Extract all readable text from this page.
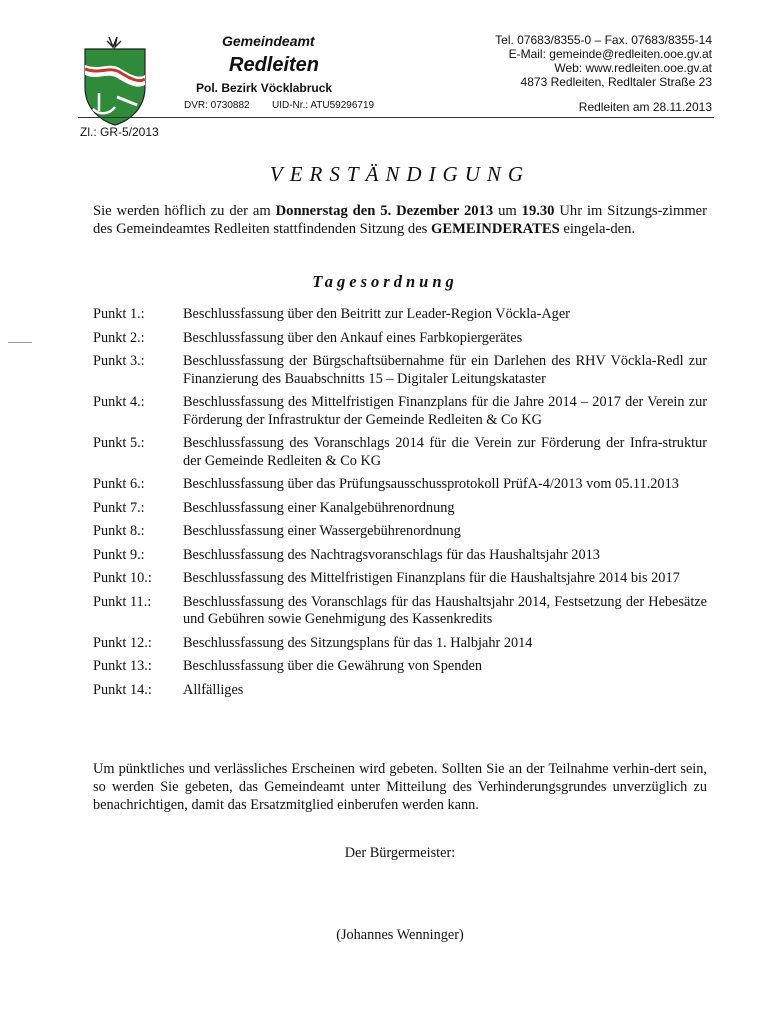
Gemeindeamt
Redleiten
Pol. Bezirk Vöcklabruck
DVR: 0730882 UID-Nr.: ATU59296719
Tel. 07683/8355-0 – Fax. 07683/8355-14
E-Mail: gemeinde@redleiten.ooe.gv.at
Web: www.redleiten.ooe.gv.at
4873 Redleiten, Redltaler Straße 23
Redleiten am 28.11.2013
Zl.: GR-5/2013
VERSTÄNDIGUNG
Sie werden höflich zu der am Donnerstag den 5. Dezember 2013 um 19.30 Uhr im Sitzungs-zimmer des Gemeindeamtes Redleiten stattfindenden Sitzung des GEMEINDERATES eingela-den.
Tagesordnung
Punkt 1.:	Beschlussfassung über den Beitritt zur Leader-Region Vöckla-Ager
Punkt 2.:	Beschlussfassung über den Ankauf eines Farbkopiergerätes
Punkt 3.:	Beschlussfassung der Bürgschaftsübernahme für ein Darlehen des RHV Vöckla-Redl zur Finanzierung des Bauabschnitts 15 – Digitaler Leitungskataster
Punkt 4.:	Beschlussfassung des Mittelfristigen Finanzplans für die Jahre 2014 – 2017 der Verein zur Förderung der Infrastruktur der Gemeinde Redleiten & Co KG
Punkt 5.:	Beschlussfassung des Voranschlags 2014 für die Verein zur Förderung der Infra-struktur der Gemeinde Redleiten & Co KG
Punkt 6.:	Beschlussfassung über das Prüfungsausschussprotokoll PrüfA-4/2013 vom 05.11.2013
Punkt 7.:	Beschlussfassung einer Kanalgebührenordnung
Punkt 8.:	Beschlussfassung einer Wassergebührenordnung
Punkt 9.:	Beschlussfassung des Nachtragsvoranschlags für das Haushaltsjahr 2013
Punkt 10.:	Beschlussfassung des Mittelfristigen Finanzplans für die Haushaltsjahre 2014 bis 2017
Punkt 11.:	Beschlussfassung des Voranschlags für das Haushaltsjahr 2014, Festsetzung der Hebesätze und Gebühren sowie Genehmigung des Kassenkredits
Punkt 12.:	Beschlussfassung des Sitzungsplans für das 1. Halbjahr 2014
Punkt 13.:	Beschlussfassung über die Gewährung von Spenden
Punkt 14.:	Allfälliges
Um pünktliches und verlässliches Erscheinen wird gebeten. Sollten Sie an der Teilnahme verhin-dert sein, so werden Sie gebeten, das Gemeindeamt unter Mitteilung des Verhinderungsgrundes unverzüglich zu benachrichtigen, damit das Ersatzmitglied einberufen werden kann.
Der Bürgermeister:
(Johannes Wenninger)
